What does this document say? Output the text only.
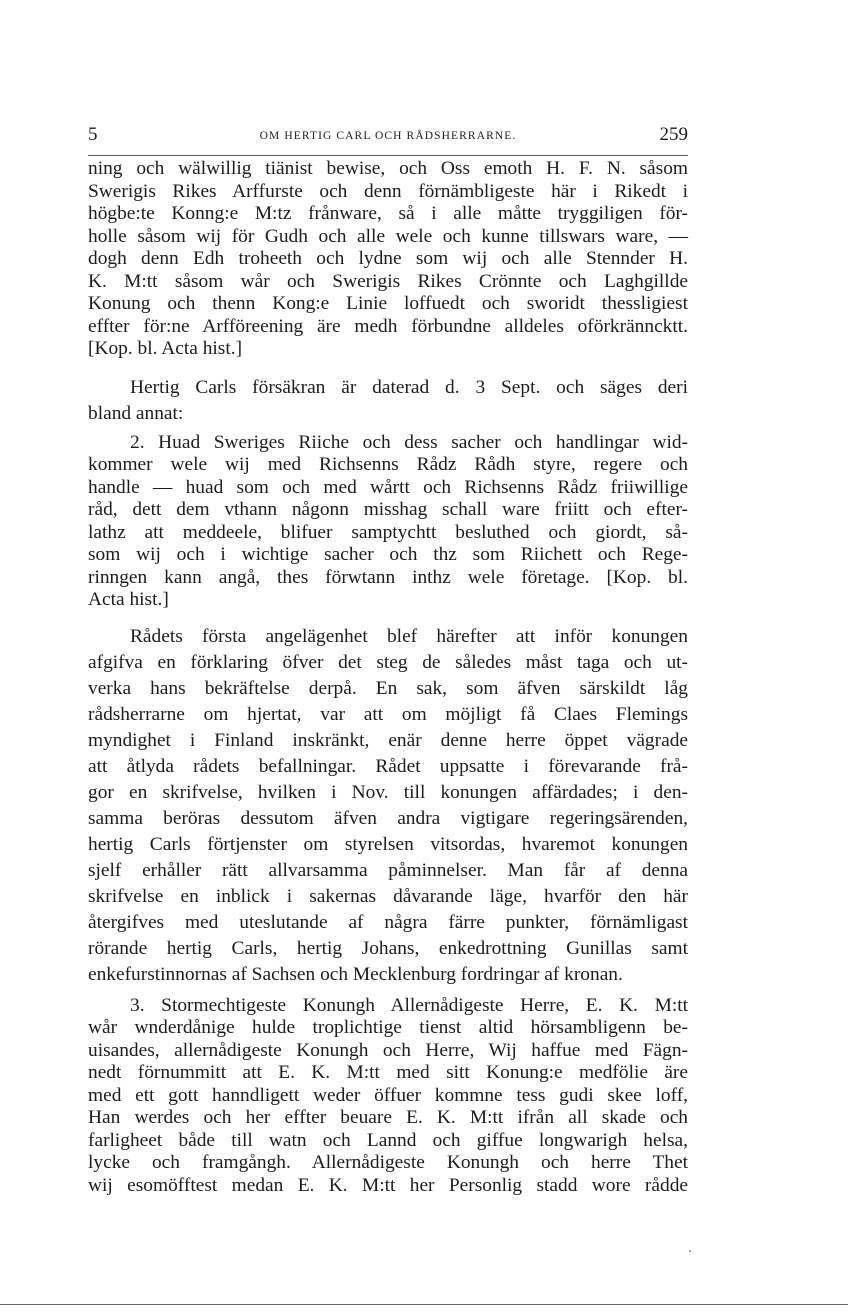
5	OM HERTIG CARL OCH RÅDSHERRARNE.	259
ning och wälwillig tiänist bewise, och Oss emoth H. F. N. såsom
Swerigis Rikes Arffurste och denn förnämbligeste här i Rikedt i
högbe:te Konng:e M:tz frånware, så i alle måtte tryggiligen för-
holle såsom wij för Gudh och alle wele och kunne tillswars ware, —
dogh denn Edh troheeth och lydne som wij och alle Stennder H.
K. M:tt såsom wår och Swerigis Rikes Crönnte och Laghgillde
Konung och thenn Kong:e Linie loffuedt och sworidt thessligiest
effter för:ne Arfföreening äre medh förbundne alldeles oförkränncktt.
[Kop. bl. Acta hist.]
Hertig Carls försäkran är daterad d. 3 Sept. och säges deri
bland annat:
2. Huad Sweriges Riiche och dess sacher och handlingar wid-
kommer wele wij med Richsenns Rådz Rådh styre, regere och
handle — huad som och med wårtt och Richsenns Rådz friiwillige
råd, dett dem vthann någonn misshag schall ware friitt och efter-
lathz att meddeele, blifuer samptychtt besluthed och giordt, så-
som wij och i wichtige sacher och thz som Riichett och Rege-
rinngen kann angå, thes förwtann inthz wele företage. [Kop. bl.
Acta hist.]
Rådets första angelägenhet blef härefter att inför konungen
afgifva en förklaring öfver det steg de således måst taga och ut-
verka hans bekräftelse derpå. En sak, som äfven särskildt låg
rådsherrarne om hjertat, var att om möjligt få Claes Flemings
myndighet i Finland inskränkt, enär denne herre öppet vägrade
att åtlyda rådets befallningar. Rådet uppsatte i förevarande frå-
gor en skrifvelse, hvilken i Nov. till konungen affärdades; i den-
samma beröras dessutom äfven andra vigtigare regeringsärenden,
hertig Carls förtjenster om styrelsen vitsordas, hvaremot konungen
sjelf erhåller rätt allvarsamma påminnelser. Man får af denna
skrifvelse en inblick i sakernas dåvarande läge, hvarför den här
återgifves med uteslutande af några färre punkter, förnämligast
rörande hertig Carls, hertig Johans, enkedrottning Gunillas samt
enkefurstinnornas af Sachsen och Mecklenburg fordringar af kronan.
3. Stormechtigeste Konungh Allernådigeste Herre, E. K. M:tt
wår wnderdånige hulde troplichtige tienst altid hörsambligenn be-
uisandes, allernådigeste Konungh och Herre, Wij haffue med Fägn-
nedt förnummitt att E. K. M:tt med sitt Konung:e medfölie äre
med ett gott hanndligett weder öffuer kommne tess gudi skee loff,
Han werdes och her effter beuare E. K. M:tt ifrån all skade och
farligheet både till watn och Lannd och giffue longwarigh helsa,
lycke och framgångh. Allernådigeste Konungh och herre Thet
wij esomöfftest medan E. K. M:tt her Personlig stadd wore rådde
